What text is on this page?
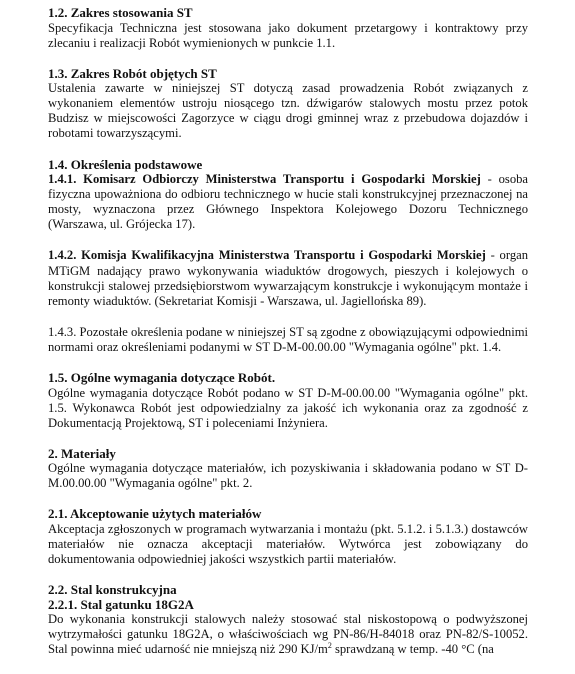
1.2. Zakres stosowania ST
Specyfikacja Techniczna jest stosowana jako dokument przetargowy i kontraktowy przy zlecaniu i realizacji Robót wymienionych w punkcie 1.1.
1.3. Zakres Robót objętych ST
Ustalenia zawarte w niniejszej ST dotyczą zasad prowadzenia Robót związanych z wykonaniem elementów ustroju niosącego tzn. dźwigarów stalowych mostu przez potok Budzisz w miejscowości Zagorzyce w ciągu drogi gminnej wraz z przebudowa dojazdów i robotami towarzyszącymi.
1.4. Określenia podstawowe
1.4.1. Komisarz Odbiorczy Ministerstwa Transportu i Gospodarki Morskiej - osoba fizyczna upoważniona do odbioru technicznego w hucie stali konstrukcyjnej przeznaczonej na mosty, wyznaczona przez Głównego Inspektora Kolejowego Dozoru Technicznego (Warszawa, ul. Grójecka 17).
1.4.2. Komisja Kwalifikacyjna Ministerstwa Transportu i Gospodarki Morskiej - organ MTiGM nadający prawo wykonywania wiaduktów drogowych, pieszych i kolejowych o konstrukcji stalowej przedsiębiorstwom wywarzającym konstrukcje i wykonującym montaże i remonty wiaduktów. (Sekretariat Komisji - Warszawa, ul. Jagiellońska 89).
1.4.3. Pozostałe określenia podane w niniejszej ST są zgodne z obowiązującymi odpowiednimi normami oraz określeniami podanymi w ST D-M-00.00.00 "Wymagania ogólne" pkt. 1.4.
1.5. Ogólne wymagania dotyczące Robót.
Ogólne wymagania dotyczące Robót podano w ST D-M-00.00.00 "Wymagania ogólne" pkt. 1.5. Wykonawca Robót jest odpowiedzialny za jakość ich wykonania oraz za zgodność z Dokumentacją Projektową, ST i poleceniami Inżyniera.
2. Materiały
Ogólne wymagania dotyczące materiałów, ich pozyskiwania i składowania podano w ST D-M.00.00.00 "Wymagania ogólne" pkt. 2.
2.1. Akceptowanie użytych materiałów
Akceptacja zgłoszonych w programach wytwarzania i montażu (pkt. 5.1.2. i 5.1.3.) dostawców materiałów nie oznacza akceptacji materiałów. Wytwórca jest zobowiązany do dokumentowania odpowiedniej jakości wszystkich partii materiałów.
2.2. Stal konstrukcyjna
2.2.1. Stal gatunku 18G2A
Do wykonania konstrukcji stalowych należy stosować stal niskostopową o podwyższonej wytrzymałości gatunku 18G2A, o właściwościach wg PN-86/H-84018 oraz PN-82/S-10052. Stal powinna mieć udarność nie mniejszą niż 290 $KJ/m^2$ sprawdzaną w temp. -40 °C (na
